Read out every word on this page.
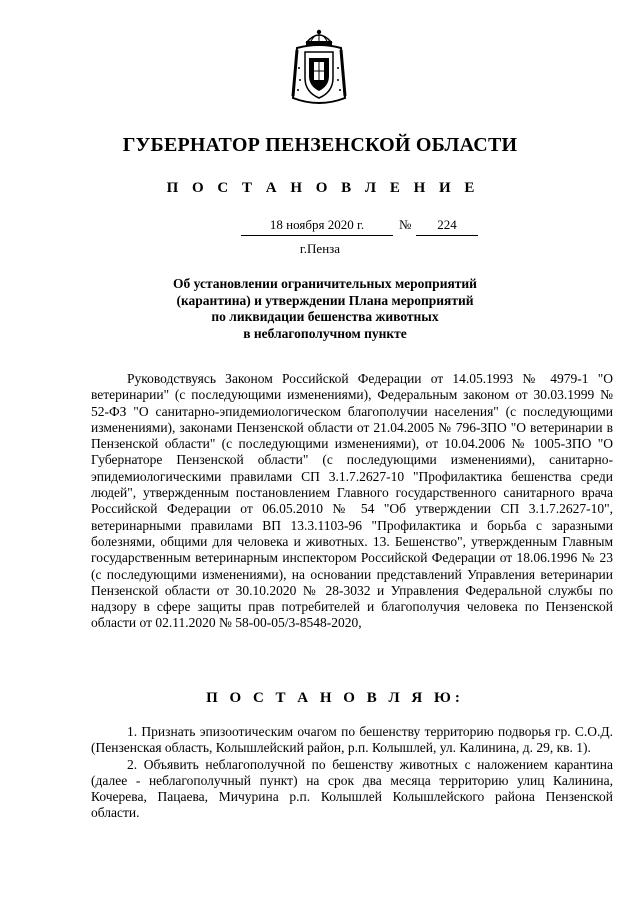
ГУБЕРНАТОР ПЕНЗЕНСКОЙ ОБЛАСТИ
П О С Т А Н О В Л Е Н И Е
18 ноября 2020 г.	№	224
г.Пенза
Об установлении ограничительных мероприятий
(карантина) и утверждении Плана мероприятий
по ликвидации бешенства животных
в неблагополучном пункте
Руководствуясь Законом Российской Федерации от 14.05.1993 № 4979-1 "О ветеринарии" (с последующими изменениями), Федеральным законом от 30.03.1999 № 52-ФЗ "О санитарно-эпидемиологическом благополучии населения" (с последующими изменениями), законами Пензенской области от 21.04.2005 № 796-ЗПО "О ветеринарии в Пензенской области" (с последующими изменениями), от 10.04.2006 № 1005-ЗПО "О Губернаторе Пензенской области" (с последующими изменениями), санитарно-эпидемиологическими правилами СП 3.1.7.2627-10 "Профилактика бешенства среди людей", утвержденным постановлением Главного государственного санитарного врача Российской Федерации от 06.05.2010 № 54 "Об утверждении СП 3.1.7.2627-10", ветеринарными правилами ВП 13.3.1103-96 "Профилактика и борьба с заразными болезнями, общими для человека и животных. 13. Бешенство", утвержденным Главным государственным ветеринарным инспектором Российской Федерации от 18.06.1996 № 23 (с последующими изменениями), на основании представлений Управления ветеринарии Пензенской области от 30.10.2020 № 28-3032 и Управления Федеральной службы по надзору в сфере защиты прав потребителей и благополучия человека по Пензенской области от 02.11.2020 № 58-00-05/3-8548-2020,
П О С Т А Н О В Л Я Ю:
1. Признать эпизоотическим очагом по бешенству территорию подворья гр. С.О.Д. (Пензенская область, Колышлейский район, р.п. Колышлей, ул. Калинина, д. 29, кв. 1).
2. Объявить неблагополучной по бешенству животных с наложением карантина (далее - неблагополучный пункт) на срок два месяца территорию улиц Калинина, Кочерева, Пацаева, Мичурина р.п. Колышлей Колышлейского района Пензенской области.
